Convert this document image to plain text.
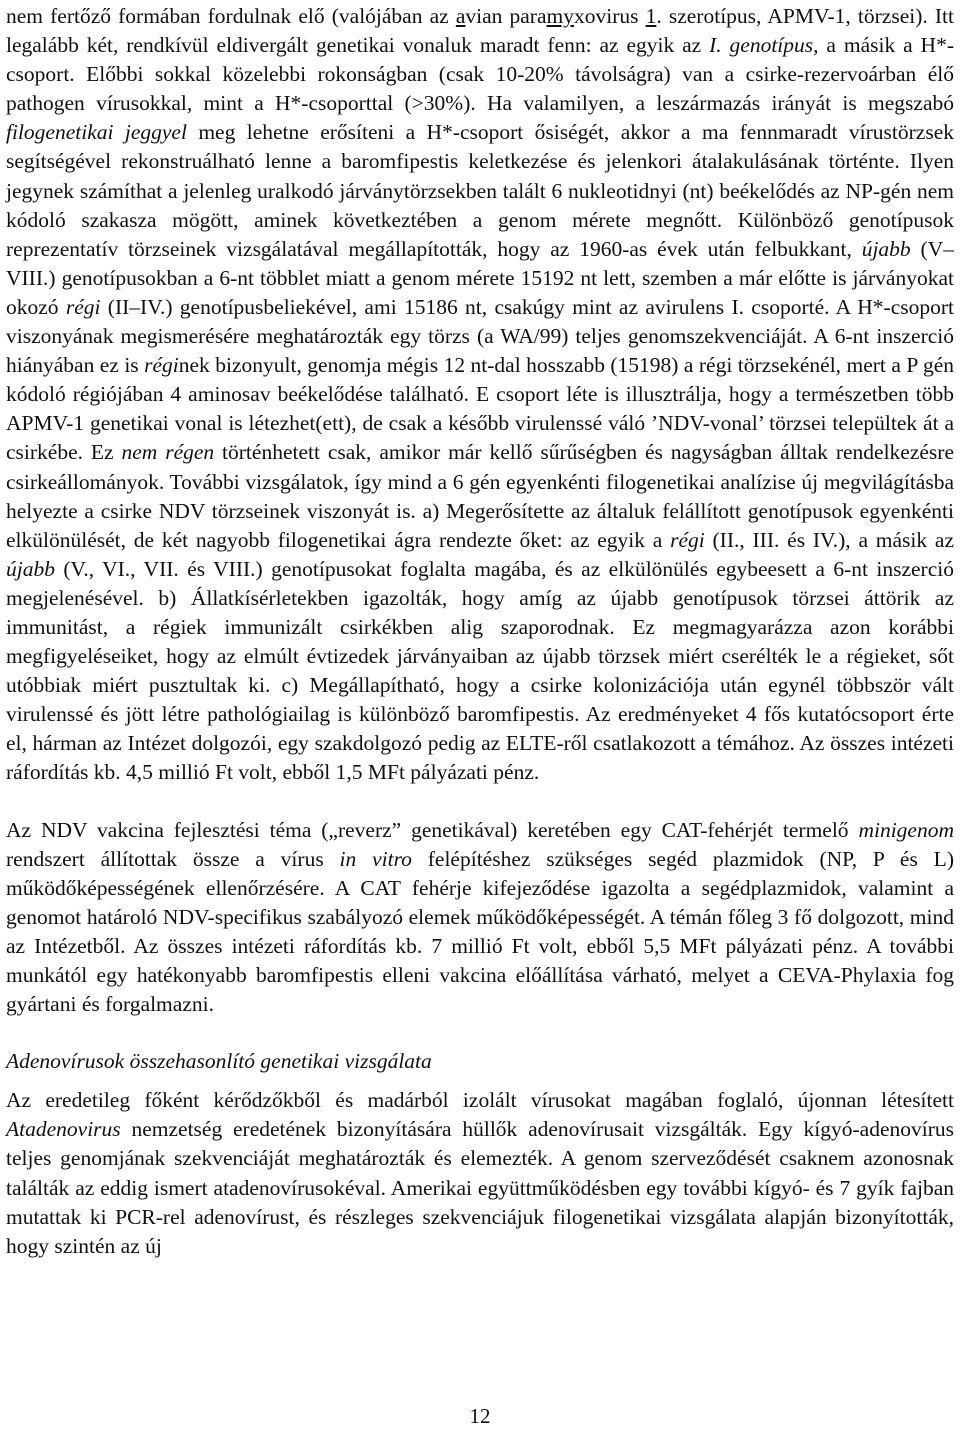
nem fertőző formában fordulnak elő (valójában az avian paramyxovirus 1. szerotípus, APMV-1, törzsei). Itt legalább két, rendkívül eldivergált genetikai vonaluk maradt fenn: az egyik az I. genotípus, a másik a H*-csoport. Előbbi sokkal közelebbi rokonságban (csak 10-20% távolságra) van a csirke-rezervoárban élő pathogen vírusokkal, mint a H*-csoporttal (>30%). Ha valamilyen, a leszármazás irányát is megszabó filogenetikai jeggyel meg lehetne erősíteni a H*-csoport ősiségét, akkor a ma fennmaradt vírustörzsek segítségével rekonstruálható lenne a baromfipestis keletkezése és jelenkori átalakulásának történte. Ilyen jegynek számíthat a jelenleg uralkodó járványtörzsekben talált 6 nukleotidnyi (nt) beékelődés az NP-gén nem kódoló szakasza mögött, aminek következtében a genom mérete megnőtt. Különböző genotípusok reprezentatív törzseinek vizsgálatával megállapították, hogy az 1960-as évek után felbukkant, újabb (V–VIII.) genotípusokban a 6-nt többlet miatt a genom mérete 15192 nt lett, szemben a már előtte is járványokat okozó régi (II–IV.) genotípusbeliekével, ami 15186 nt, csakúgy mint az avirulens I. csoporté. A H*-csoport viszonyának megismerésére meghatározták egy törzs (a WA/99) teljes genomszekvenciáját. A 6-nt inszerció hiányában ez is réginek bizonyult, genomja mégis 12 nt-dal hosszabb (15198) a régi törzsekénél, mert a P gén kódoló régiójában 4 aminosav beékelődése található. E csoport léte is illusztrálja, hogy a természetben több APMV-1 genetikai vonal is létezhet(ett), de csak a később virulenssé váló ’NDV-vonal’ törzsei települtek át a csirkébe. Ez nem régen történhetett csak, amikor már kellő sűrűségben és nagyságban álltak rendelkezésre csirkeállományok. További vizsgálatok, így mind a 6 gén egyenkénti filogenetikai analízise új megvilágításba helyezte a csirke NDV törzseinek viszonyát is. a) Megerősítette az általuk felállított genotípusok egyenkénti elkülönülését, de két nagyobb filogenetikai ágra rendezte őket: az egyik a régi (II., III. és IV.), a másik az újabb (V., VI., VII. és VIII.) genotípusokat foglalta magába, és az elkülönülés egybeesett a 6-nt inszerció megjelenésével. b) Állatkísérletekben igazolták, hogy amíg az újabb genotípusok törzsei áttörik az immunitást, a régiek immunizált csirkékben alig szaporodnak. Ez megmagyarázza azon korábbi megfigyeléseiket, hogy az elmúlt évtizedek járványaiban az újabb törzsek miért cserélték le a régieket, sőt utóbbiak miért pusztultak ki. c) Megállapítható, hogy a csirke kolonizációja után egynél többször vált virulenssé és jött létre pathológiailag is különböző baromfipestis. Az eredményeket 4 fős kutatócsoport érte el, hárman az Intézet dolgozói, egy szakdolgozó pedig az ELTE-ről csatlakozott a témához. Az összes intézeti ráfordítás kb. 4,5 millió Ft volt, ebből 1,5 MFt pályázati pénz.

Az NDV vakcina fejlesztési téma („reverz” genetikával) keretében egy CAT-fehérjét termelő minigenom rendszert állítottak össze a vírus in vitro felépítéshez szükséges segéd plazmidok (NP, P és L) működőképességének ellenőrzésére. A CAT fehérje kifejeződése igazolta a segédplazmidok, valamint a genomot határoló NDV-specifikus szabályozó elemek működőképességét. A témán főleg 3 fő dolgozott, mind az Intézetből. Az összes intézeti ráfordítás kb. 7 millió Ft volt, ebből 5,5 MFt pályázati pénz. A további munkától egy hatékonyabb baromfipestis elleni vakcina előállítása várható, melyet a CEVA-Phylaxia fog gyártani és forgalmazni.

Adenovírusok összehasonlító genetikai vizsgálata

Az eredetileg főként kérődzőkből és madárból izolált vírusokat magában foglaló, újonnan létesített Atadenovirus nemzetség eredetének bizonyítására hüllők adenovírusait vizsgálták. Egy kígyó-adenovírus teljes genomjának szekvenciáját meghatározták és elemezték. A genom szerveződését csaknem azonosnak találták az eddig ismert atadenovírusokéval. Amerikai együttműködésben egy további kígyó- és 7 gyík fajban mutattak ki PCR-rel adenovírust, és részleges szekvenciájuk filogenetikai vizsgálata alapján bizonyították, hogy szintén az új

12
